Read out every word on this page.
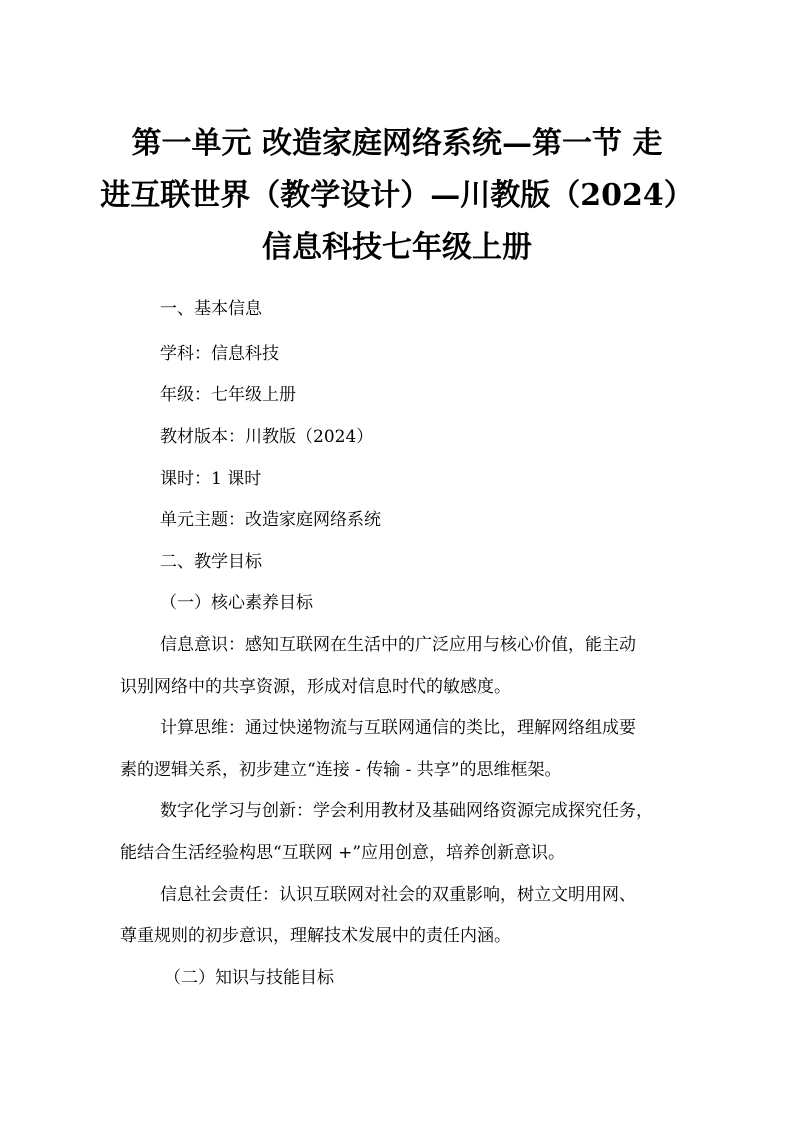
第一单元 改造家庭网络系统—第一节 走
进互联世界（教学设计）—川教版（2024）
信息科技七年级上册
一、基本信息
学科：信息科技
年级：七年级上册
教材版本：川教版（2024）
课时：1 课时
单元主题：改造家庭网络系统
二、教学目标
（一）核心素养目标
信息意识：感知互联网在生活中的广泛应用与核心价值，能主动
识别网络中的共享资源，形成对信息时代的敏感度。
计算思维：通过快递物流与互联网通信的类比，理解网络组成要
素的逻辑关系，初步建立“连接 - 传输 - 共享”的思维框架。
数字化学习与创新：学会利用教材及基础网络资源完成探究任务，
能结合生活经验构思“互联网 +”应用创意，培养创新意识。
信息社会责任：认识互联网对社会的双重影响，树立文明用网、
尊重规则的初步意识，理解技术发展中的责任内涵。
（二）知识与技能目标
